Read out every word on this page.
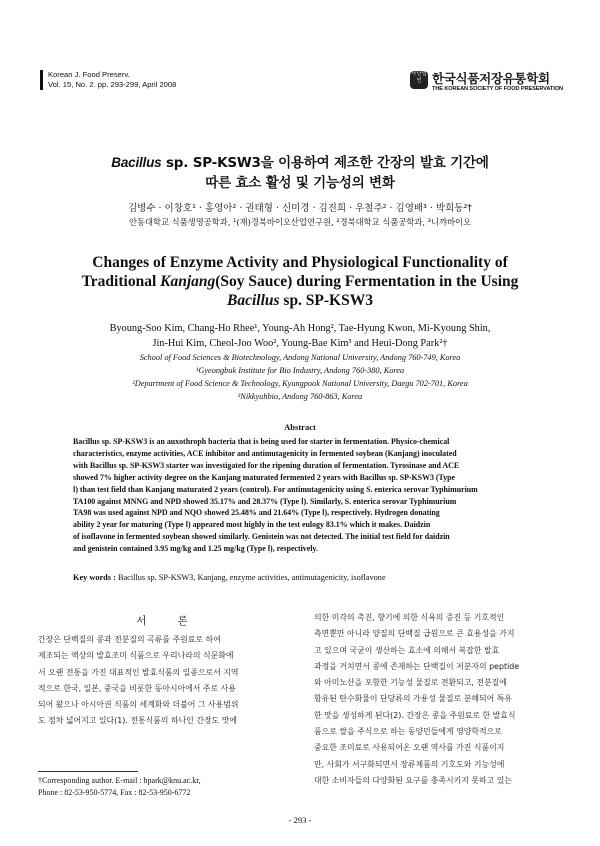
Korean J. Food Preserv.
Vol. 15, No. 2. pp. 293-299, April 2008
사단법인 한국식품저장유통학회
THE KOREAN SOCIETY OF FOOD PRESERVATION
Bacillus sp. SP-KSW3을 이용하여 제조한 간장의 발효 기간에
따른 효소 활성 및 기능성의 변화
김병수 · 이창호¹ · 홍영아² · 권태형 · 신미경 · 김진희 · 우철주² · 김영배³ · 박희동²†
안동대학교 식품생명공학과, ¹(재)경북바이오산업연구원, ²경북대학교 식품공학과, ³니꺄바이오
Changes of Enzyme Activity and Physiological Functionality of
Traditional Kanjang(Soy Sauce) during Fermentation in the Using
Bacillus sp. SP-KSW3
Byoung-Soo Kim, Chang-Ho Rhee¹, Young-Ah Hong², Tae-Hyung Kwon, Mi-Kyoung Shin,
Jin-Hui Kim, Cheol-Joo Woo², Young-Bae Kim³ and Heui-Dong Park²†
School of Food Sciences & Biotechnology, Andong National University, Andong 760-749, Korea
¹Gyeongbuk Institute for Bio Industry, Andong 760-380, Korea
²Department of Food Science & Technology, Kyungpook National University, Daegu 702-701, Korea
³Nikkyuhbio, Andong 760-863, Korea
Abstract
Bacillus sp. SP-KSW3 is an auxothroph bacteria that is being used for starter in fermentation. Physico-chemical
characteristics, enzyme activities, ACE inhibitor and antimutagenicity in fermented soybean (Kanjang) inoculated
with Bacillus sp. SP-KSW3 starter was investigated for the ripening duration of fermentation. Tyrosinase and ACE
showed 7% higher activity degree on the Kanjang maturated fermented 2 years with Bacillus sp. SP-KSW3 (Type
Ⅰ) than test field than Kanjang maturated 2 years (control). For antimutagenicity using S. enterica serovar Typhimurium
TA100 against MNNG and NPD showed 35.17% and 28.37% (Type Ⅰ). Similarly, S. enterica serovar Typhimurium
TA98 was used against NPD and NQO showed 25.48% and 21.64% (Type Ⅰ), respectively. Hydrogen donating
ability 2 year for maturing (Type Ⅰ) appeared most highly in the test eulogy 83.1% which it makes. Daidzin
of isoflavone in fermented soybean showed similarly. Genistein was not detected. The initial test field for daidzin
and genistein contained 3.95 mg/kg and 1.25 mg/kg (Type Ⅰ), respectively.
Key words : Bacillus sp. SP-KSW3, Kanjang, enzyme activities, antimutagenicity, isoflavone
서 론
간장은 단백질의 콩과 전분질의 곡류를 주원료로 하여
제조되는 액상의 발효조미 식품으로 우리나라의 식문화에
서 오랜 전통을 가진 대표적인 발효식품의 일종으로서 지역
적으로 한국, 일본, 중국을 비롯한 동아시아에서 주로 사용
되어 왔으나 아시아권 식품의 세계화와 더불어 그 사용범위
도 점차 넓어지고 있다(1). 전통식품의 하나인 간장도 맛에
의한 미각의 촉진, 향기에 의한 식욕의 증진 등 기호적인
측면뿐만 아니라 양질의 단백질 급원으로 큰 효용성을 가지
고 있으며 국균이 생산하는 효소에 의해서 복잡한 발효
과정을 거치면서 콩에 존재하는 단백질이 저분자의 peptide
와 아미노산을 포함한 기능성 물질로 전환되고, 전분질에
함유된 탄수화물이 단당류의 가용성 물질로 분해되어 특유
한 맛을 생성하게 된다(2). 간장은 콩을 주원료로 한 발효식
품으로 쌀을 주식으로 하는 동양민들에게 영양학적으로
중요한 조미료로 사용되어온 오랜 역사를 가진 식품이지
만, 사회가 서구화되면서 장류제품의 기호도와 기능성에
대한 소비자들의 다양화된 요구를 충족시키지 못하고 있는
†Corresponding author. E-mail : hpark@knu.ac.kr,
Phone : 82-53-950-5774, Fax : 82-53-950-6772
- 293 -
